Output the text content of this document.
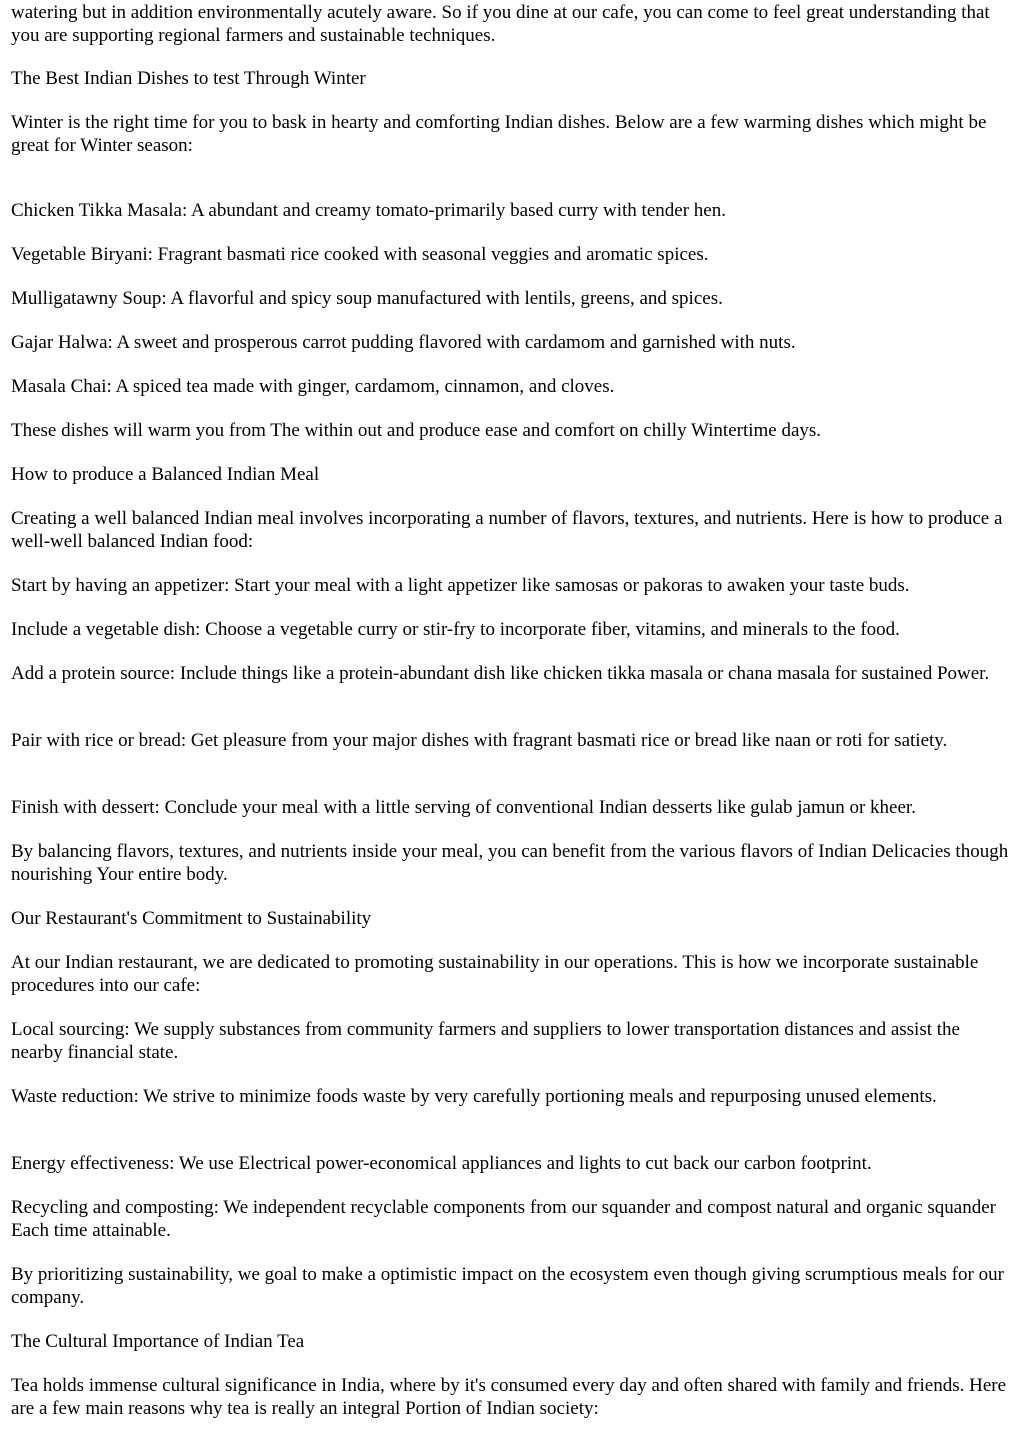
watering but in addition environmentally acutely aware. So if you dine at our cafe, you can come to feel great understanding that you are supporting regional farmers and sustainable techniques.

The Best Indian Dishes to test Through Winter

Winter is the right time for you to bask in hearty and comforting Indian dishes. Below are a few warming dishes which might be great for Winter season:

Chicken Tikka Masala: A abundant and creamy tomato-primarily based curry with tender hen.

Vegetable Biryani: Fragrant basmati rice cooked with seasonal veggies and aromatic spices.

Mulligatawny Soup: A flavorful and spicy soup manufactured with lentils, greens, and spices.

Gajar Halwa: A sweet and prosperous carrot pudding flavored with cardamom and garnished with nuts.

Masala Chai: A spiced tea made with ginger, cardamom, cinnamon, and cloves.

These dishes will warm you from The within out and produce ease and comfort on chilly Wintertime days.

How to produce a Balanced Indian Meal

Creating a well balanced Indian meal involves incorporating a number of flavors, textures, and nutrients. Here is how to produce a well-well balanced Indian food:

Start by having an appetizer: Start your meal with a light appetizer like samosas or pakoras to awaken your taste buds.

Include a vegetable dish: Choose a vegetable curry or stir-fry to incorporate fiber, vitamins, and minerals to the food.

Add a protein source: Include things like a protein-abundant dish like chicken tikka masala or chana masala for sustained Power.

Pair with rice or bread: Get pleasure from your major dishes with fragrant basmati rice or bread like naan or roti for satiety.

Finish with dessert: Conclude your meal with a little serving of conventional Indian desserts like gulab jamun or kheer.

By balancing flavors, textures, and nutrients inside your meal, you can benefit from the various flavors of Indian Delicacies though nourishing Your entire body.

Our Restaurant's Commitment to Sustainability

At our Indian restaurant, we are dedicated to promoting sustainability in our operations. This is how we incorporate sustainable procedures into our cafe:

Local sourcing: We supply substances from community farmers and suppliers to lower transportation distances and assist the nearby financial state.

Waste reduction: We strive to minimize foods waste by very carefully portioning meals and repurposing unused elements.

Energy effectiveness: We use Electrical power-economical appliances and lights to cut back our carbon footprint.

Recycling and composting: We independent recyclable components from our squander and compost natural and organic squander Each time attainable.

By prioritizing sustainability, we goal to make a optimistic impact on the ecosystem even though giving scrumptious meals for our company.

The Cultural Importance of Indian Tea

Tea holds immense cultural significance in India, where by it's consumed every day and often shared with family and friends. Here are a few main reasons why tea is really an integral Portion of Indian society:
